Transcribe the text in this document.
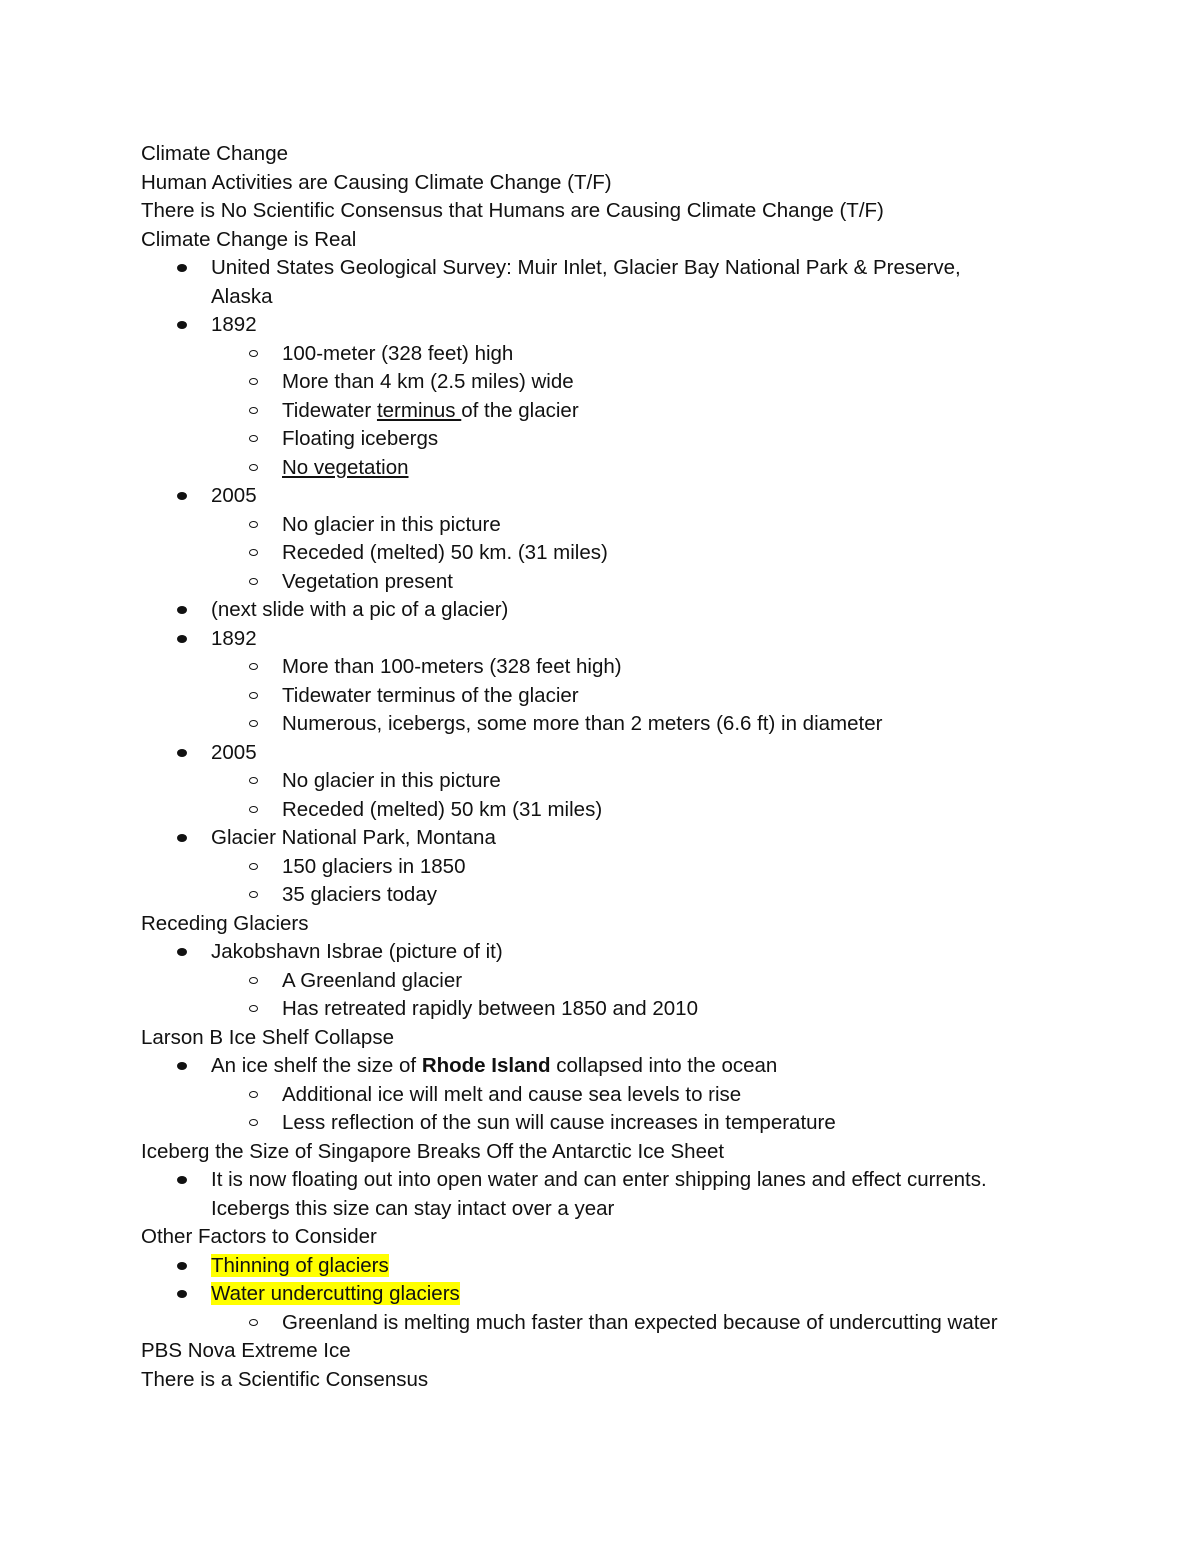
Climate Change
Human Activities are Causing Climate Change (T/F)
There is No Scientific Consensus that Humans are Causing Climate Change (T/F)
Climate Change is Real
United States Geological Survey: Muir Inlet, Glacier Bay National Park & Preserve,
Alaska
1892
100-meter (328 feet) high
More than 4 km (2.5 miles) wide
Tidewater terminus of the glacier
Floating icebergs
No vegetation
2005
No glacier in this picture
Receded (melted) 50 km. (31 miles)
Vegetation present
(next slide with a pic of a glacier)
1892
More than 100-meters (328 feet high)
Tidewater terminus of the glacier
Numerous, icebergs, some more than 2 meters (6.6 ft) in diameter
2005
No glacier in this picture
Receded (melted) 50 km (31 miles)
Glacier National Park, Montana
150 glaciers in 1850
35 glaciers today
Receding Glaciers
Jakobshavn Isbrae (picture of it)
A Greenland glacier
Has retreated rapidly between 1850 and 2010
Larson B Ice Shelf Collapse
An ice shelf the size of Rhode Island collapsed into the ocean
Additional ice will melt and cause sea levels to rise
Less reflection of the sun will cause increases in temperature
Iceberg the Size of Singapore Breaks Off the Antarctic Ice Sheet
It is now floating out into open water and can enter shipping lanes and effect currents.
Icebergs this size can stay intact over a year
Other Factors to Consider
Thinning of glaciers
Water undercutting glaciers
Greenland is melting much faster than expected because of undercutting water
PBS Nova Extreme Ice
There is a Scientific Consensus
